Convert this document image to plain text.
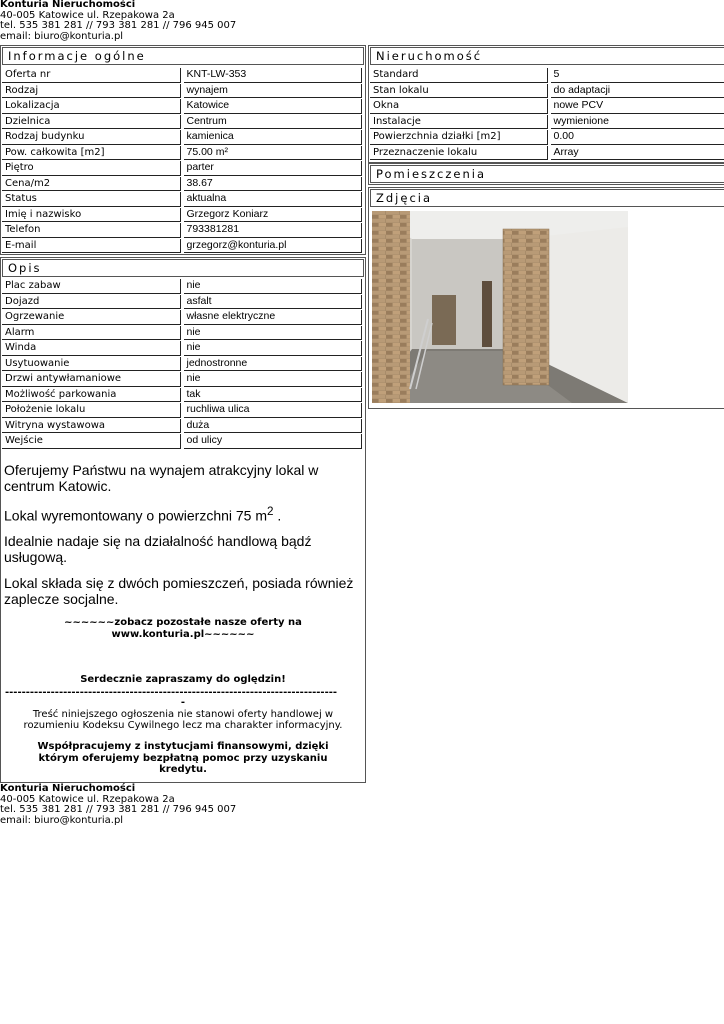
Konturia Nieruchomości
40-005 Katowice ul. Rzepakowa 2a
tel. 535 381 281 // 793 381 281 // 796 945 007
email: biuro@konturia.pl
Informacje ogólne
Oferta nr	KNT-LW-353
Rodzaj	wynajem
Lokalizacja	Katowice
Dzielnica	Centrum
Rodzaj budynku	kamienica
Pow. całkowita [m2]	75.00 m²
Piętro	parter
Cena/m2	38.67
Status	aktualna
Imię i nazwisko	Grzegorz Koniarz
Telefon	793381281
E-mail	grzegorz@konturia.pl
Opis
Plac zabaw	nie
Dojazd	asfalt
Ogrzewanie	własne elektryczne
Alarm	nie
Winda	nie
Usytuowanie	jednostronne
Drzwi antywłamaniowe	nie
Możliwość parkowania	tak
Położenie lokalu	ruchliwa ulica
Witryna wystawowa	duża
Wejście	od ulicy

Oferujemy Państwu na wynajem atrakcyjny lokal w centrum Katowic.

Lokal wyremontowany o powierzchni 75 $m^2$ .

Idealnie nadaje się na działalność handlową bądź usługową.

Lokal składa się z dwóch pomieszczeń, posiada również zaplecze socjalne.

~~~~~~zobacz pozostałe nasze oferty na www.konturia.pl~~~~~~
Serdecznie zapraszamy do oględzin!
--------------------------------------------------------------------------------
-
Treść niniejszego ogłoszenia nie stanowi oferty handlowej w rozumieniu Kodeksu Cywilnego lecz ma charakter informacyjny.
Współpracujemy z instytucjami finansowymi, dzięki którym oferujemy bezpłatną pomoc przy uzyskaniu kredytu.
Nieruchomość
Standard	5
Stan lokalu	do adaptacji
Okna	nowe PCV
Instalacje	wymienione
Powierzchnia działki [m2]	0.00
Przeznaczenie lokalu	Array
Pomieszczenia
Zdjęcia
Konturia Nieruchomości
40-005 Katowice ul. Rzepakowa 2a
tel. 535 381 281 // 793 381 281 // 796 945 007
email: biuro@konturia.pl
